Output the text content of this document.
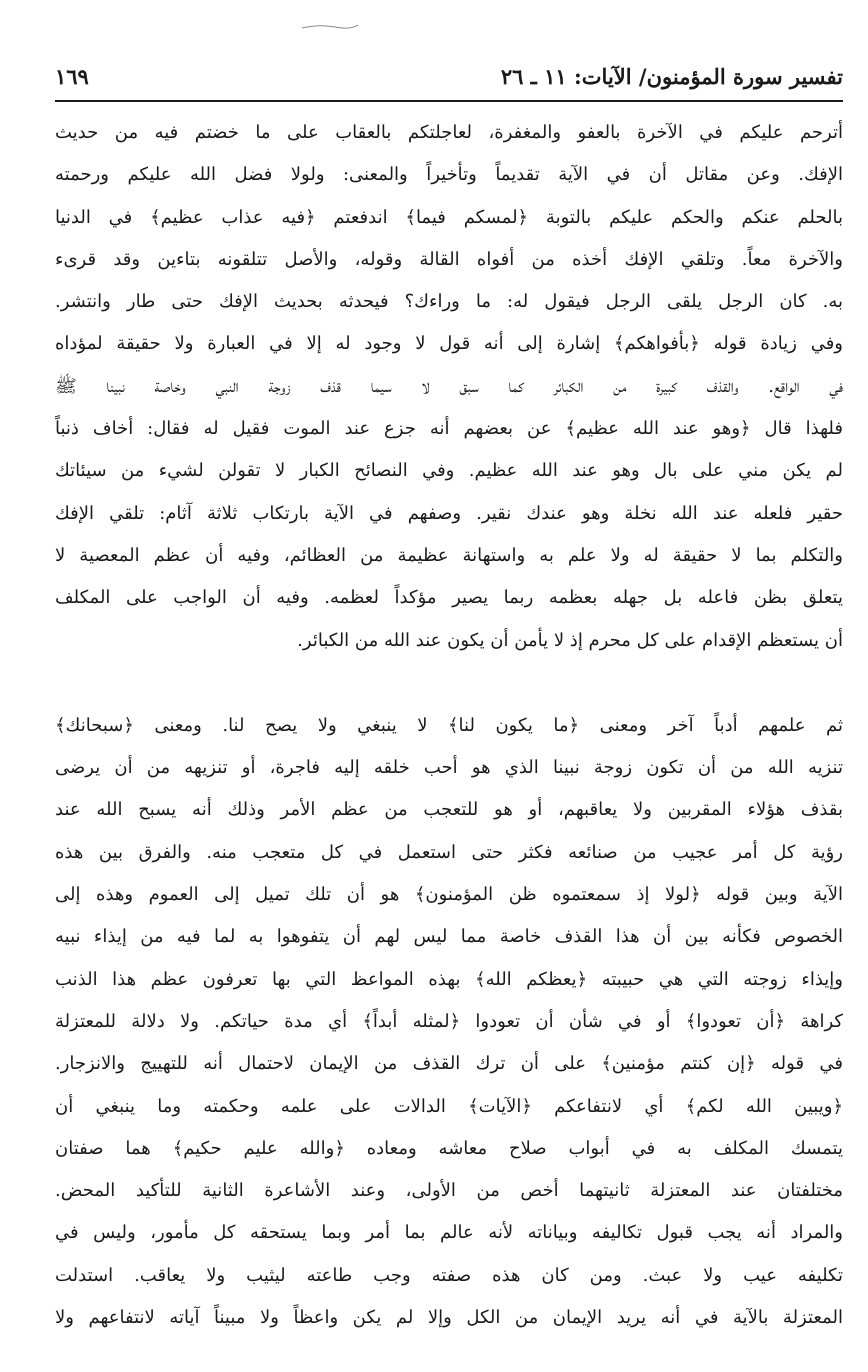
تفسير سورة المؤمنون/ الآيات: ١١ ـ ٢٦
١٦٩
أترحم عليكم في الآخرة بالعفو والمغفرة، لعاجلتكم بالعقاب على ما خضتم فيه من حديث
الإفك. وعن مقاتل أن في الآية تقديماً وتأخيراً والمعنى: ولولا فضل الله عليكم ورحمته
بالحلم عنكم والحكم عليكم بالتوبة ﴿لمسكم فيما﴾ اندفعتم ﴿فيه عذاب عظيم﴾ في الدنيا
والآخرة معاً. وتلقي الإفك أخذه من أفواه القالة وقوله، والأصل تتلقونه بتاءين وقد قرىء
به. كان الرجل يلقى الرجل فيقول له: ما وراءك؟ فيحدثه بحديث الإفك حتى طار وانتشر.
وفي زيادة قوله ﴿بأفواهكم﴾ إشارة إلى أنه قول لا وجود له إلا في العبارة ولا حقيقة لمؤداه
في الواقع. والقذف كبيرة من الكبائر كما سبق لا سيما قذف زوجة النبي وخاصة نبينا ﷺ
فلهذا قال ﴿وهو عند الله عظيم﴾ عن بعضهم أنه جزع عند الموت فقيل له فقال: أخاف ذنباً
لم يكن مني على بال وهو عند الله عظيم. وفي النصائح الكبار لا تقولن لشيء من سيئاتك
حقير فلعله عند الله نخلة وهو عندك نقير. وصفهم في الآية بارتكاب ثلاثة آثام: تلقي الإفك
والتكلم بما لا حقيقة له ولا علم به واستهانة عظيمة من العظائم، وفيه أن عظم المعصية لا
يتعلق بظن فاعله بل جهله بعظمه ربما يصير مؤكداً لعظمه. وفيه أن الواجب على المكلف
أن يستعظم الإقدام على كل محرم إذ لا يأمن أن يكون عند الله من الكبائر.
ثم علمهم أدباً آخر ومعنى ﴿ما يكون لنا﴾ لا ينبغي ولا يصح لنا. ومعنى ﴿سبحانك﴾
تنزيه الله من أن تكون زوجة نبينا الذي هو أحب خلقه إليه فاجرة، أو تنزيهه من أن يرضى
بقذف هؤلاء المقربين ولا يعاقبهم، أو هو للتعجب من عظم الأمر وذلك أنه يسبح الله عند
رؤية كل أمر عجيب من صنائعه فكثر حتى استعمل في كل متعجب منه. والفرق بين هذه
الآية وبين قوله ﴿لولا إذ سمعتموه ظن المؤمنون﴾ هو أن تلك تميل إلى العموم وهذه إلى
الخصوص فكأنه بين أن هذا القذف خاصة مما ليس لهم أن يتفوهوا به لما فيه من إيذاء نبيه
وإيذاء زوجته التي هي حبيبته ﴿يعظكم الله﴾ بهذه المواعظ التي بها تعرفون عظم هذا الذنب
كراهة ﴿أن تعودوا﴾ أو في شأن أن تعودوا ﴿لمثله أبداً﴾ أي مدة حياتكم. ولا دلالة للمعتزلة
في قوله ﴿إن كنتم مؤمنين﴾ على أن ترك القذف من الإيمان لاحتمال أنه للتهييج والانزجار.
﴿ويبين الله لكم﴾ أي لانتفاعكم ﴿الآيات﴾ الدالات على علمه وحكمته وما ينبغي أن
يتمسك المكلف به في أبواب صلاح معاشه ومعاده ﴿والله عليم حكيم﴾ هما صفتان
مختلفتان عند المعتزلة ثانيتهما أخص من الأولى، وعند الأشاعرة الثانية للتأكيد المحض.
والمراد أنه يجب قبول تكاليفه وبياناته لأنه عالم بما أمر وبما يستحقه كل مأمور، وليس في
تكليفه عيب ولا عبث. ومن كان هذه صفته وجب طاعته ليثيب ولا يعاقب. استدلت
المعتزلة بالآية في أنه يريد الإيمان من الكل وإلا لم يكن واعظاً ولا مبيناً آياته لانتفاعهم ولا
